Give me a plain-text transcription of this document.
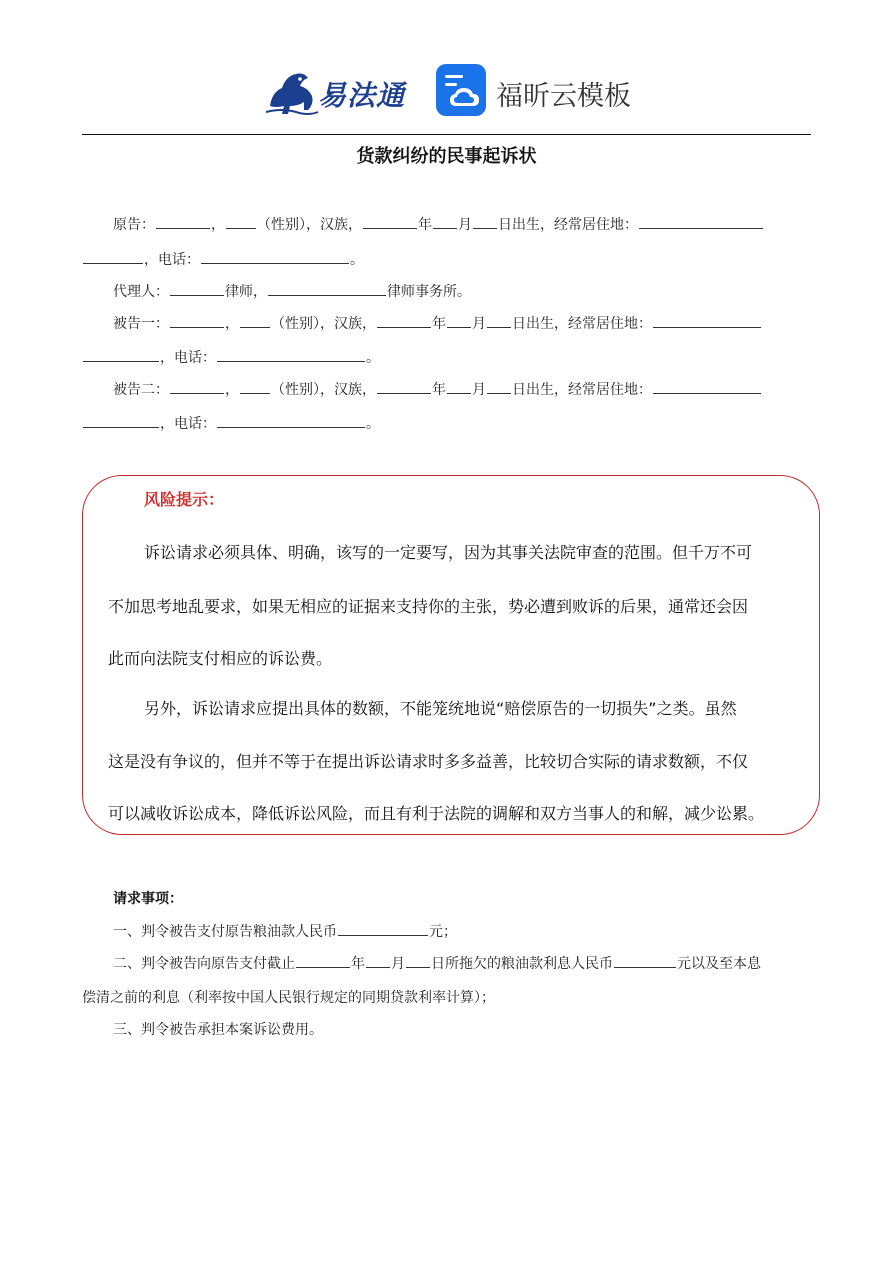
易法通	福昕云模板
货款纠纷的民事起诉状
原告：	， （性别），汉族，	年 月 日出生，经常居住地：
，电话：	。
代理人：	律师，	律师事务所。
被告一：	， （性别），汉族，	年 月 日出生，经常居住地：
，电话：	。
被告二：	， （性别），汉族，	年 月 日出生，经常居住地：
，电话：	。
风险提示：
诉讼请求必须具体、明确，该写的一定要写，因为其事关法院审查的范围。但千万不可
不加思考地乱要求，如果无相应的证据来支持你的主张，势必遭到败诉的后果，通常还会因
此而向法院支付相应的诉讼费。
另外，诉讼请求应提出具体的数额，不能笼统地说“赔偿原告的一切损失”之类。虽然
这是没有争议的，但并不等于在提出诉讼请求时多多益善，比较切合实际的请求数额，不仅
可以减收诉讼成本，降低诉讼风险，而且有利于法院的调解和双方当事人的和解，减少讼累。
请求事项：
一、判令被告支付原告粮油款人民币	元；
二、判令被告向原告支付截止	年 月 日所拖欠的粮油款利息人民币	元以及至本息
偿清之前的利息（利率按中国人民银行规定的同期贷款利率计算）；
三、判令被告承担本案诉讼费用。
